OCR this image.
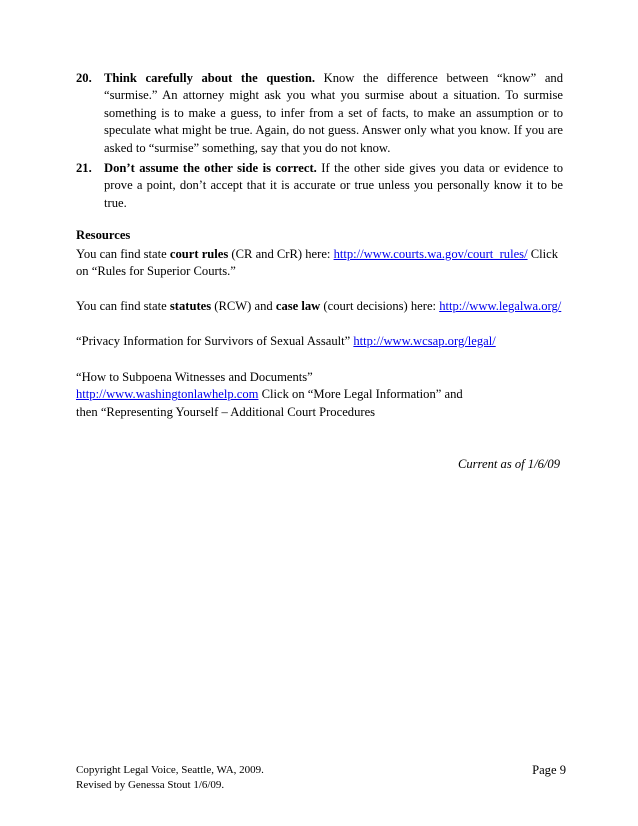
20. Think carefully about the question. Know the difference between “know” and “surmise.” An attorney might ask you what you surmise about a situation. To surmise something is to make a guess, to infer from a set of facts, to make an assumption or to speculate what might be true. Again, do not guess. Answer only what you know. If you are asked to “surmise” something, say that you do not know.
21. Don’t assume the other side is correct. If the other side gives you data or evidence to prove a point, don’t accept that it is accurate or true unless you personally know it to be true.
Resources
You can find state court rules (CR and CrR) here: http://www.courts.wa.gov/court_rules/ Click on “Rules for Superior Courts.”
You can find state statutes (RCW) and case law (court decisions) here: http://www.legalwa.org/
“Privacy Information for Survivors of Sexual Assault” http://www.wcsap.org/legal/
“How to Subpoena Witnesses and Documents”
http://www.washingtonlawhelp.com Click on “More Legal Information” and
then “Representing Yourself – Additional Court Procedures
Current as of 1/6/09
Copyright Legal Voice, Seattle, WA, 2009.
Revised by Genessa Stout 1/6/09.
Page 9
